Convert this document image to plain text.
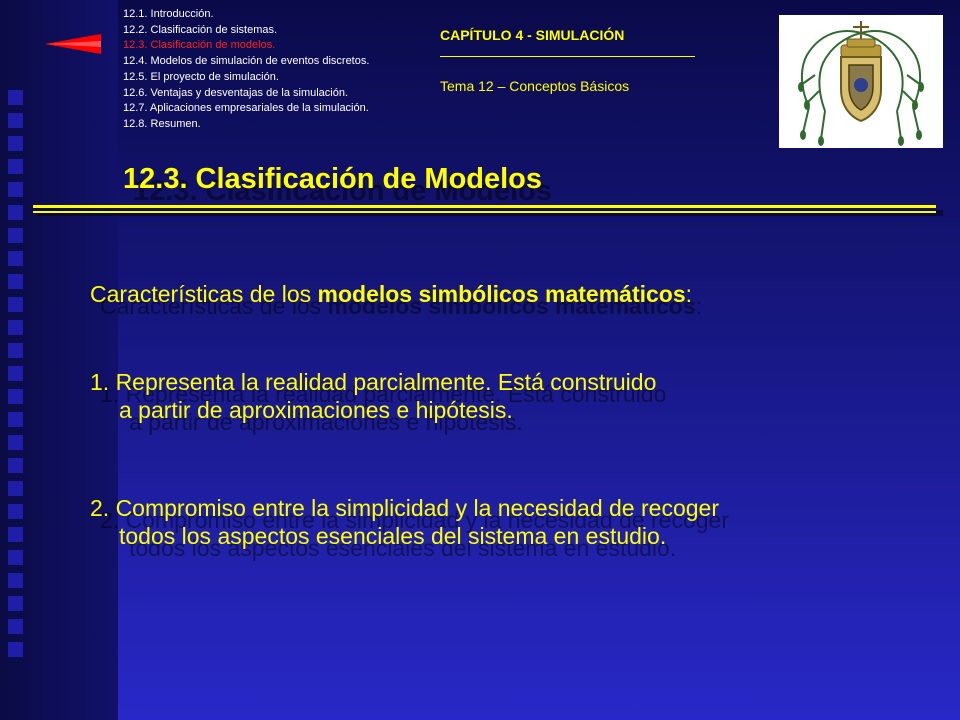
12.1. Introducción.
12.2. Clasificación de sistemas.
12.3. Clasificación de modelos.
12.4. Modelos de simulación de eventos discretos.
12.5. El proyecto de simulación.
12.6. Ventajas y desventajas de la simulación.
12.7. Aplicaciones empresariales de la simulación.
12.8. Resumen.
CAPÍTULO 4 - SIMULACIÓN
Tema 12 – Conceptos Básicos
12.3. Clasificación de Modelos
Características de los modelos simbólicos matemáticos:
1. Representa la realidad parcialmente. Está construido
a partir de aproximaciones e hipótesis.
2. Compromiso entre la simplicidad y la necesidad de recoger
todos los aspectos esenciales del sistema en estudio.
